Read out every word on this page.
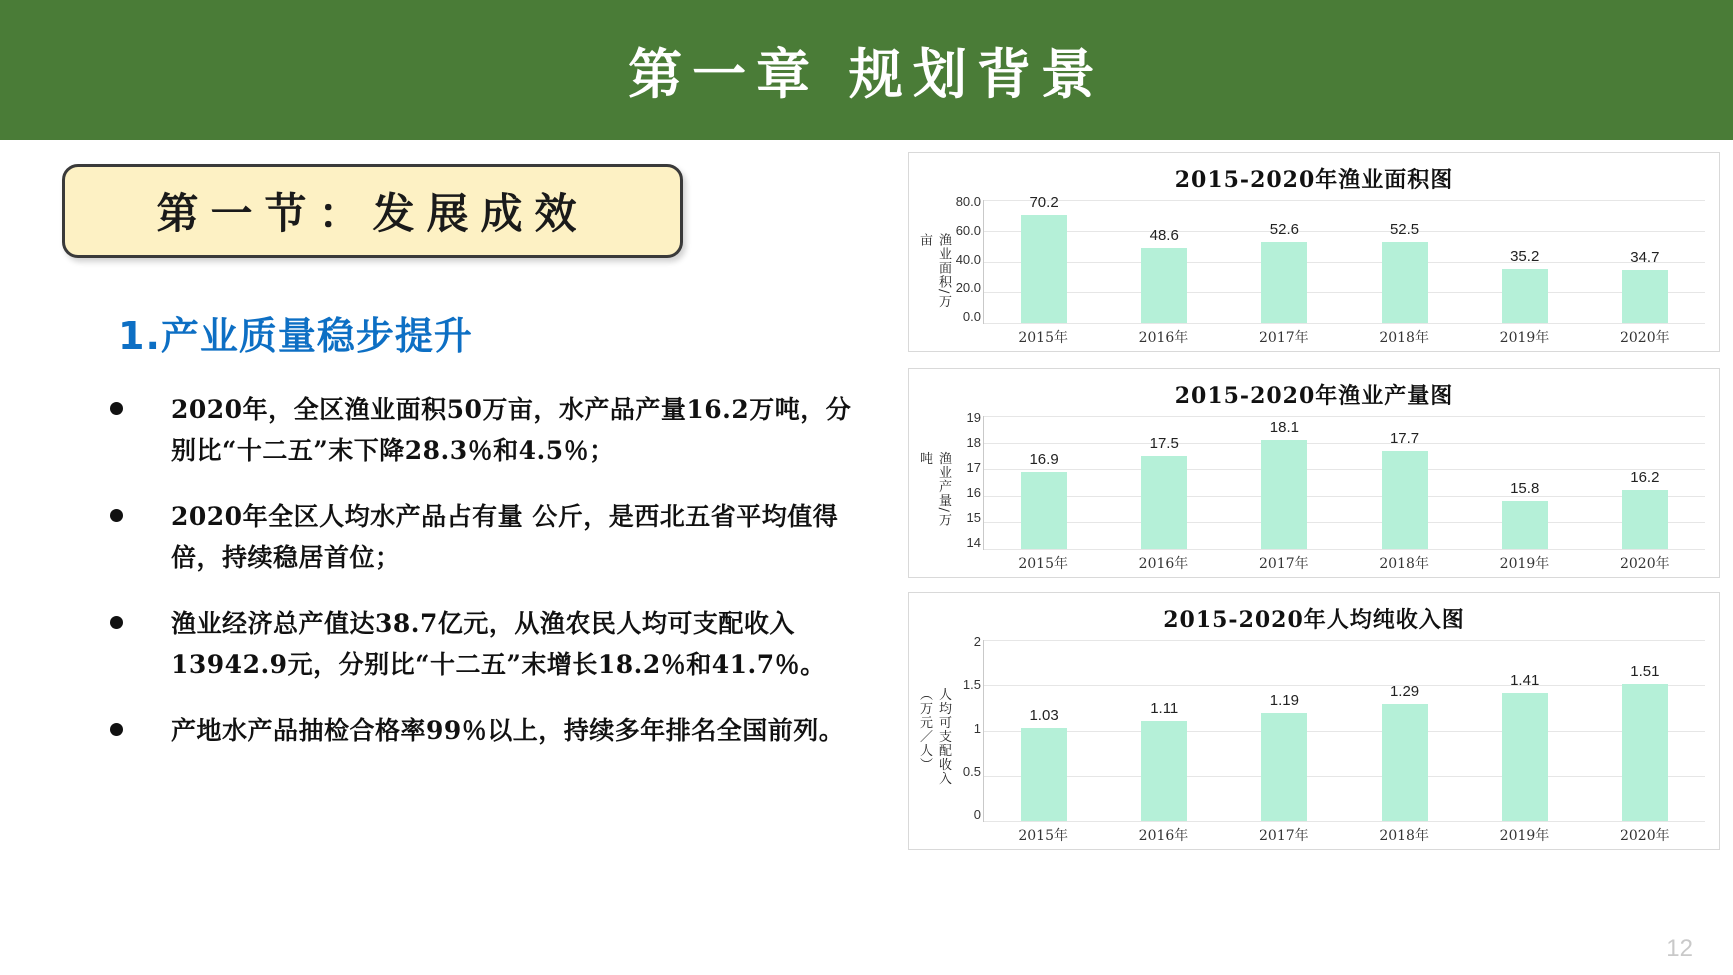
第一章 规划背景
第一节：发展成效
1.产业质量稳步提升
2020年，全区渔业面积50万亩，水产品产量16.2万吨，分别比“十二五”末下降28.3％和4.5％；
2020年全区人均水产品占有量 公斤，是西北五省平均值得 倍，持续稳居首位；
渔业经济总产值达38.7亿元，从渔农民人均可支配收入13942.9元，分别比“十二五”末增长18.2％和41.7％。
产地水产品抽检合格率99％以上，持续多年排名全国前列。
2015-2020年渔业面积图
渔业面积/万亩
80.0
60.0
40.0
20.0
0.0
70.2
48.6	52.6	52.5
35.2	34.7
2015年	2016年	2017年	2018年	2019年	2020年
2015-2020年渔业产量图
渔业产量/万吨
19
18
17
16
15
14
16.9
17.5
18.1
17.7
15.8
16.2
2015年	2016年	2017年	2018年	2019年	2020年
2015-2020年人均纯收入图
人均可支配收入（万元／人）
2
1.5
1
0.5
0
1.03	1.11	1.19
1.29
1.41
1.51
2015年	2016年	2017年	2018年	2019年	2020年
12
